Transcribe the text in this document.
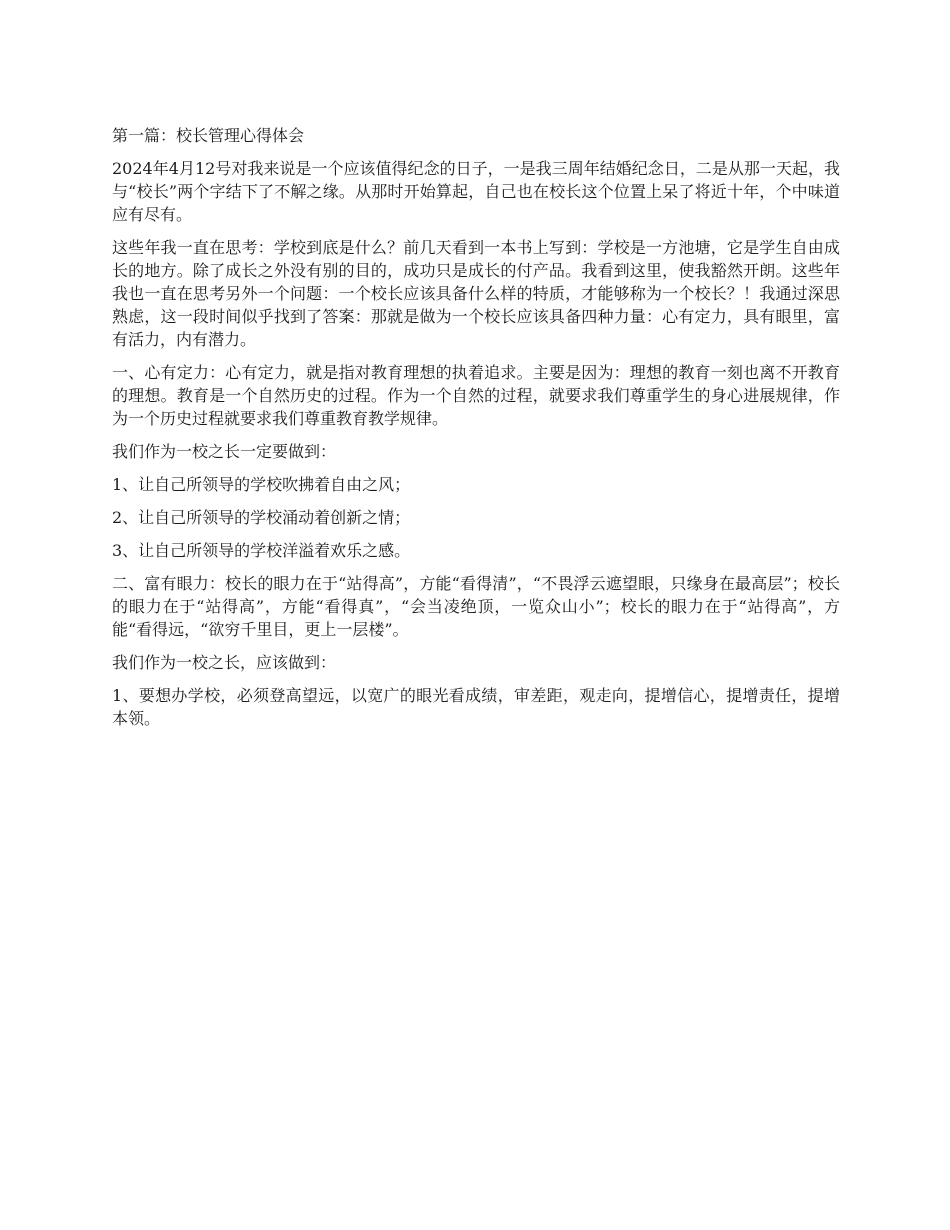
第一篇：校长管理心得体会

2024年4月12号对我来说是一个应该值得纪念的日子，一是我三周年结婚纪念日，二是从那一天起，我与“校长”两个字结下了不解之缘。从那时开始算起，自己也在校长这个位置上呆了将近十年，个中味道应有尽有。

这些年我一直在思考：学校到底是什么？前几天看到一本书上写到：学校是一方池塘，它是学生自由成长的地方。除了成长之外没有别的目的，成功只是成长的付产品。我看到这里，使我豁然开朗。这些年我也一直在思考另外一个问题：一个校长应该具备什么样的特质，才能够称为一个校长？！我通过深思熟虑，这一段时间似乎找到了答案：那就是做为一个校长应该具备四种力量：心有定力，具有眼里，富有活力，内有潜力。

一、心有定力：心有定力，就是指对教育理想的执着追求。主要是因为：理想的教育一刻也离不开教育的理想。教育是一个自然历史的过程。作为一个自然的过程，就要求我们尊重学生的身心进展规律，作为一个历史过程就要求我们尊重教育教学规律。

我们作为一校之长一定要做到：

1、让自己所领导的学校吹拂着自由之风；

2、让自己所领导的学校涌动着创新之情；

3、让自己所领导的学校洋溢着欢乐之感。

二、富有眼力：校长的眼力在于“站得高”，方能“看得清”，“不畏浮云遮望眼，只缘身在最高层”；校长的眼力在于“站得高”，方能“看得真”，“会当凌绝顶，一览众山小”；校长的眼力在于“站得高”，方能“看得远，“欲穷千里目，更上一层楼”。

我们作为一校之长，应该做到：

1、要想办学校，必须登高望远，以宽广的眼光看成绩，审差距，观走向，提增信心，提增责任，提增本领。
